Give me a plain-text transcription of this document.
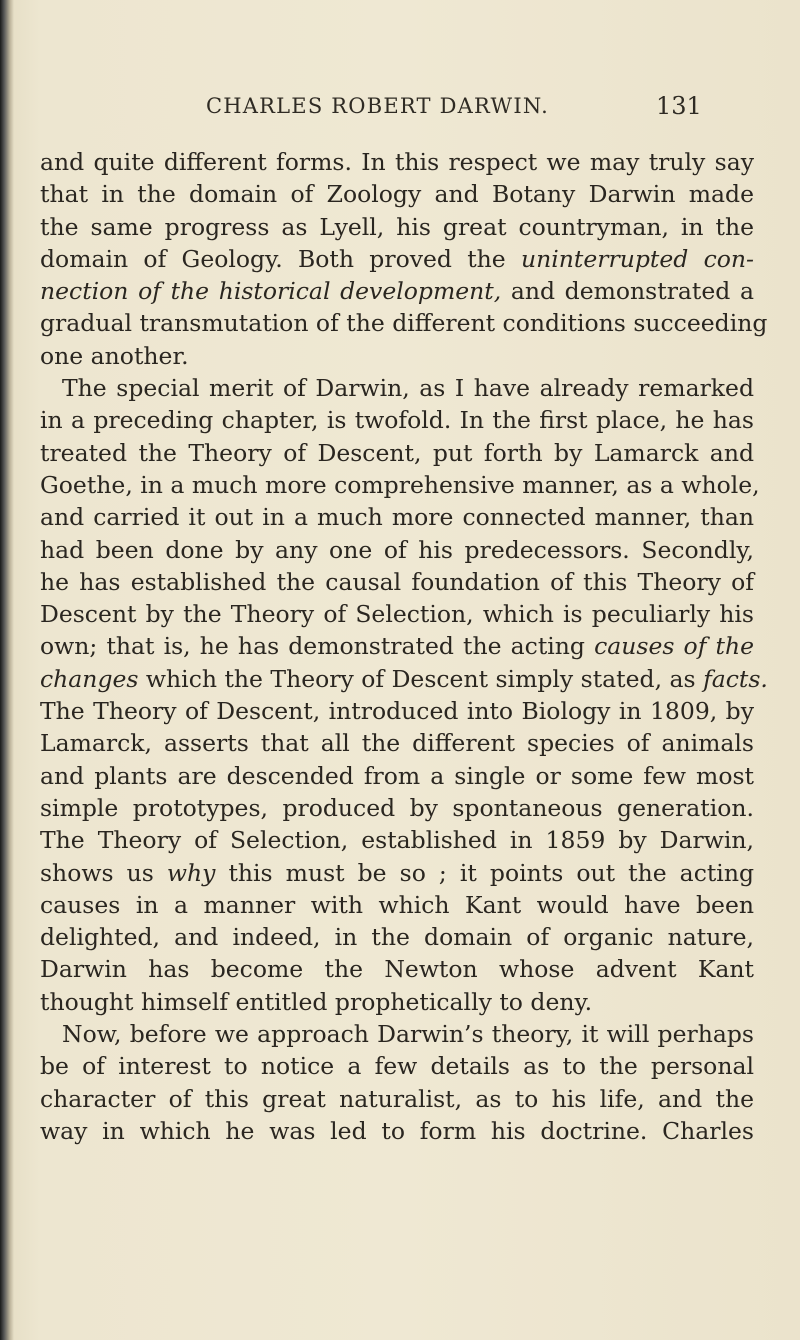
CHARLES ROBERT DARWIN.	131
and quite different forms. In this respect we may truly say
that in the domain of Zoology and Botany Darwin made
the same progress as Lyell, his great countryman, in the
domain of Geology. Both proved the uninterrupted con-
nection of the historical development, and demonstrated a
gradual transmutation of the different conditions succeeding
one another.
The special merit of Darwin, as I have already remarked
in a preceding chapter, is twofold. In the first place, he has
treated the Theory of Descent, put forth by Lamarck and
Goethe, in a much more comprehensive manner, as a whole,
and carried it out in a much more connected manner, than
had been done by any one of his predecessors. Secondly,
he has established the causal foundation of this Theory of
Descent by the Theory of Selection, which is peculiarly his
own; that is, he has demonstrated the acting causes of the
changes which the Theory of Descent simply stated, as facts.
The Theory of Descent, introduced into Biology in 1809, by
Lamarck, asserts that all the different species of animals
and plants are descended from a single or some few most
simple prototypes, produced by spontaneous generation.
The Theory of Selection, established in 1859 by Darwin,
shows us why this must be so ; it points out the acting
causes in a manner with which Kant would have been
delighted, and indeed, in the domain of organic nature,
Darwin has become the Newton whose advent Kant
thought himself entitled prophetically to deny.
Now, before we approach Darwin’s theory, it will perhaps
be of interest to notice a few details as to the personal
character of this great naturalist, as to his life, and the
way in which he was led to form his doctrine. Charles
